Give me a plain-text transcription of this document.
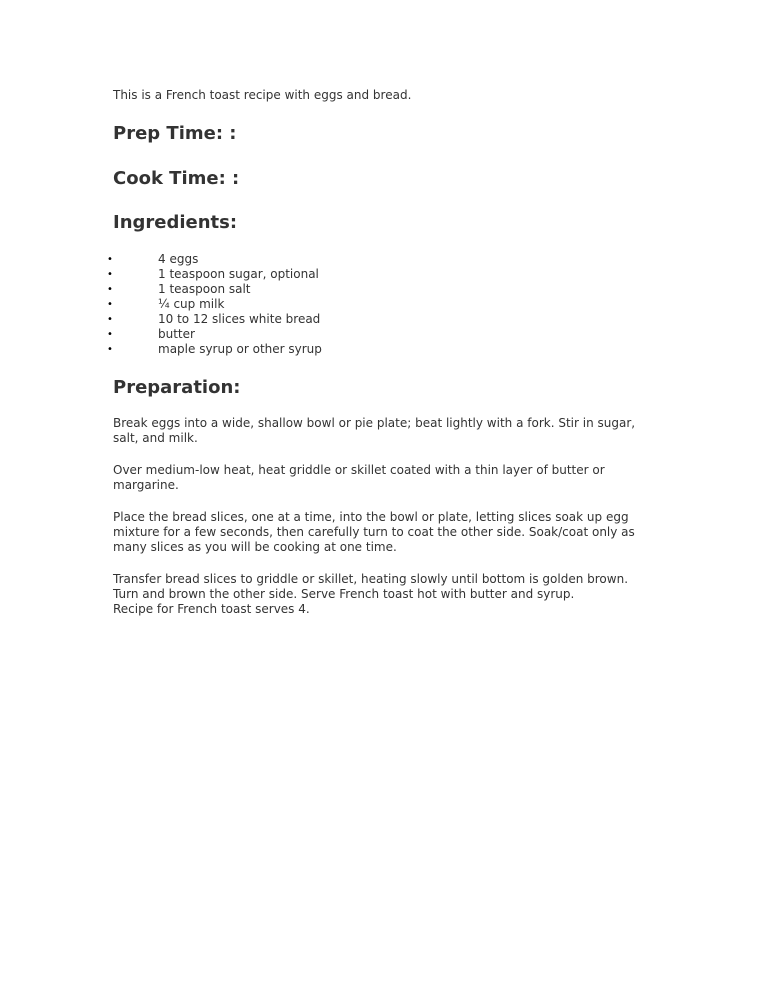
This is a French toast recipe with eggs and bread.

Prep Time: :
Cook Time: :
Ingredients:
•	4 eggs
•	1 teaspoon sugar, optional
•	1 teaspoon salt
•	¼ cup milk
•	10 to 12 slices white bread
•	butter
•	maple syrup or other syrup
Preparation:

Break eggs into a wide, shallow bowl or pie plate; beat lightly with a fork. Stir in sugar, salt, and milk.

Over medium-low heat, heat griddle or skillet coated with a thin layer of butter or margarine.

Place the bread slices, one at a time, into the bowl or plate, letting slices soak up egg mixture for a few seconds, then carefully turn to coat the other side. Soak/coat only as many slices as you will be cooking at one time.

Transfer bread slices to griddle or skillet, heating slowly until bottom is golden brown. Turn and brown the other side. Serve French toast hot with butter and syrup.

Recipe for French toast serves 4.
